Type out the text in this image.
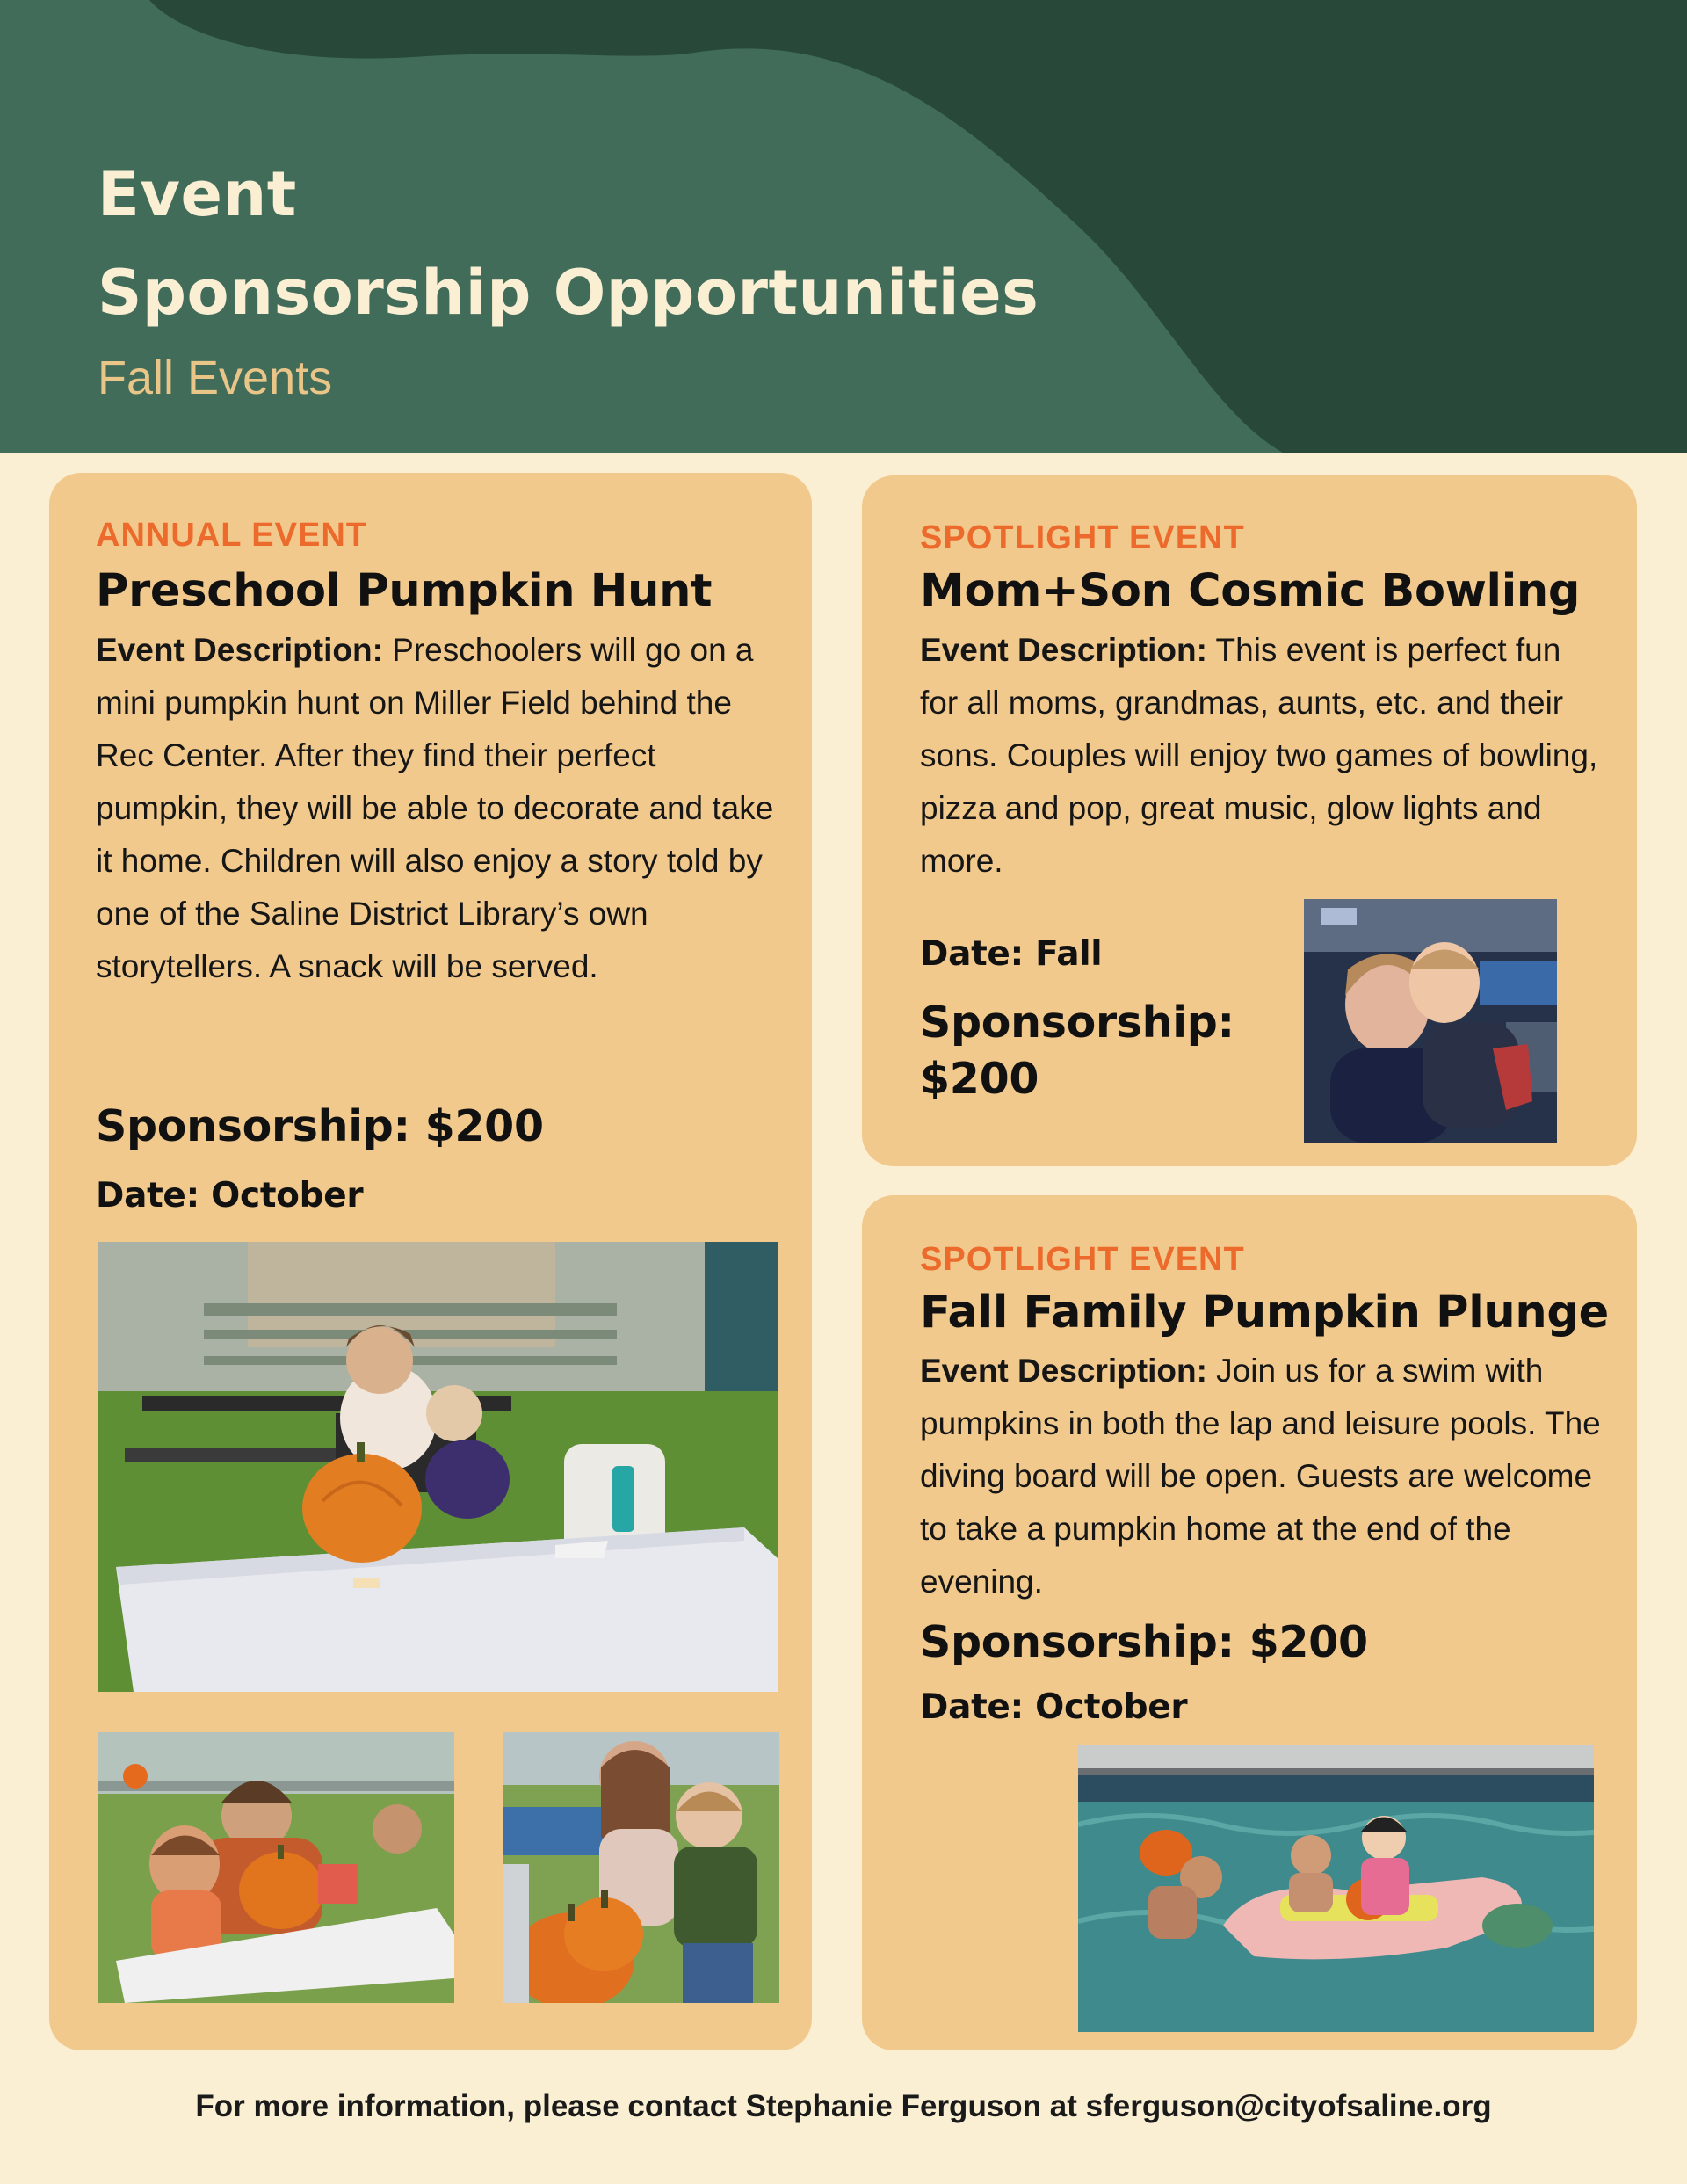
Event
Sponsorship Opportunities
Fall Events
ANNUAL EVENT
Preschool Pumpkin Hunt
Event Description: Preschoolers will go on a mini pumpkin hunt on Miller Field behind the Rec Center. After they find their perfect pumpkin, they will be able to decorate and take it home. Children will also enjoy a story told by one of the Saline District Library’s own storytellers. A snack will be served.
Sponsorship: $200
Date: October
SPOTLIGHT EVENT
Mom+Son Cosmic Bowling
Event Description: This event is perfect fun for all moms, grandmas, aunts, etc. and their sons. Couples will enjoy two games of bowling, pizza and pop, great music, glow lights and more.
Date: Fall
Sponsorship:
$200
SPOTLIGHT EVENT
Fall Family Pumpkin Plunge
Event Description: Join us for a swim with pumpkins in both the lap and leisure pools. The diving board will be open. Guests are welcome to take a pumpkin home at the end of the evening.
Sponsorship: $200
Date: October
For more information, please contact Stephanie Ferguson at sferguson@cityofsaline.org
